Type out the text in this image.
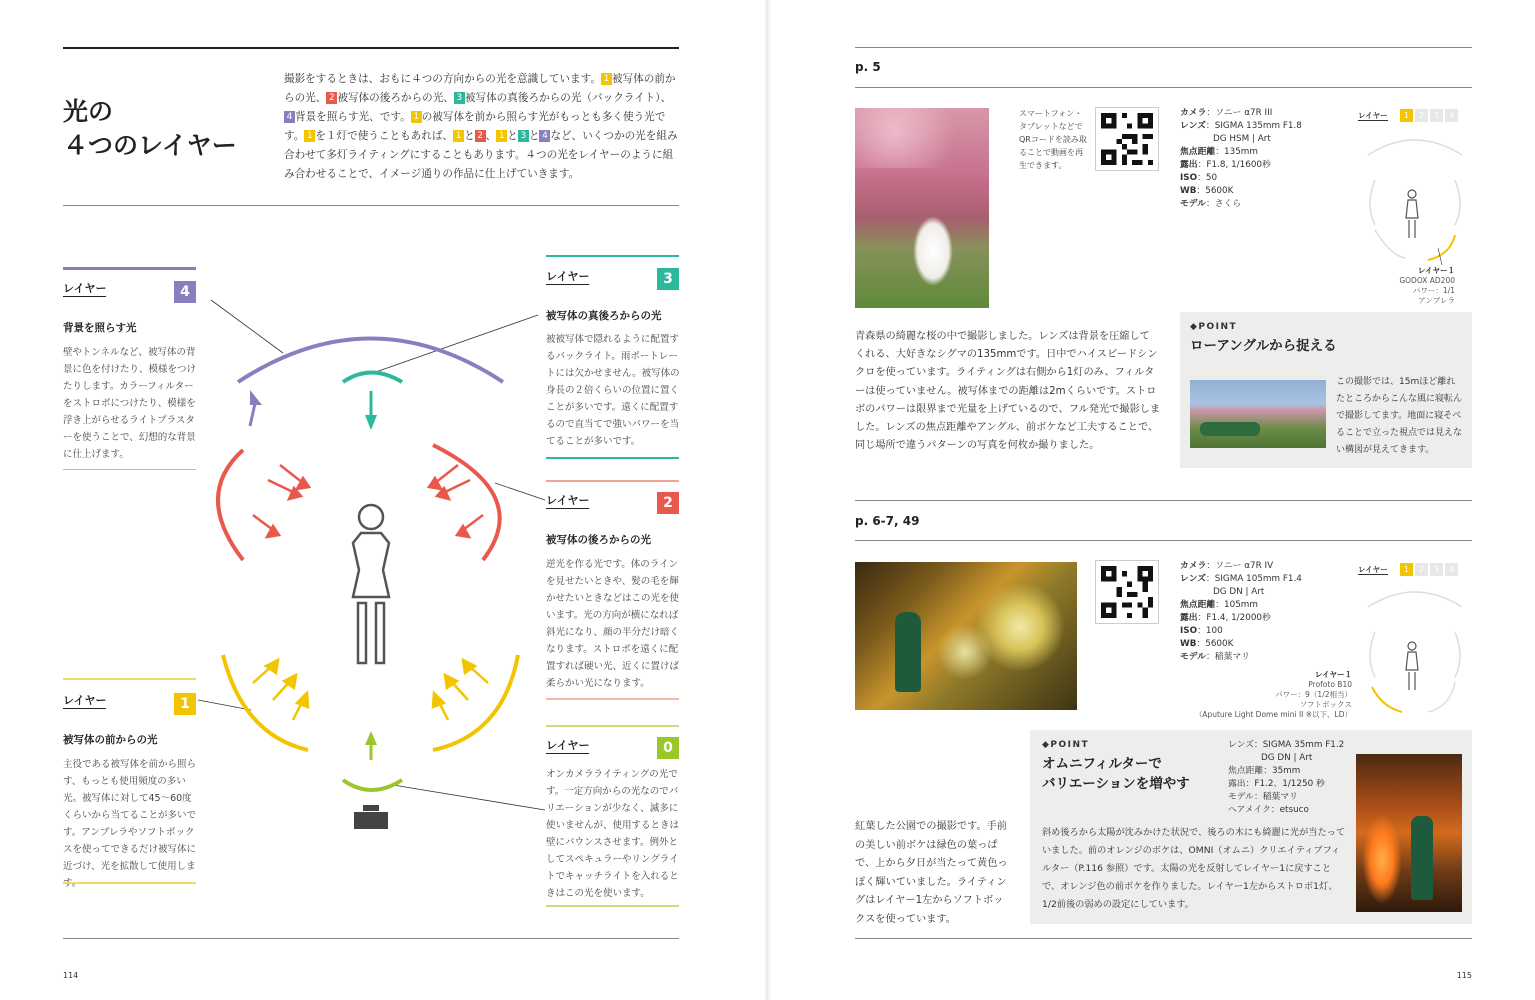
光の
４つのレイヤー
撮影をするときは、おもに４つの方向からの光を意識しています。 1 被写体の前からの光、 2 被写体の後ろからの光、 3 被写体の真後ろからの光（バックライト）、4 背景を照らす光、です。 1 の被写体を前から照らす光がもっとも多く使う光です。 1 を１灯で使うこともあれば、 1 と 2 、 1 と 3 と 4 など、いくつかの光を組み合わせて多灯ライティングにすることもあります。４つの光をレイヤーのように組み合わせることで、イメージ通りの作品に仕上げていきます。
レイヤー	4
背景を照らす光
壁やトンネルなど、被写体の背景に色を付けたり、模様をつけたりします。カラーフィルターをストロボにつけたり、模様を浮き上がらせるライトプラスターを使うことで、幻想的な背景に仕上げます。
レイヤー	3
被写体の真後ろからの光
被被写体で隠れるように配置するバックライト。雨ポートレートには欠かせません。被写体の身長の２倍くらいの位置に置くことが多いです。遠くに配置するので直当てで強いパワーを当てることが多いです。
レイヤー	2
被写体の後ろからの光
逆光を作る光です。体のラインを見せたいときや、髪の毛を輝かせたいときなどはこの光を使います。光の方向が横になれば斜光になり、顔の半分だけ暗くなります。ストロボを遠くに配置すれば硬い光、近くに置けば柔らかい光になります。
レイヤー	1
被写体の前からの光
主役である被写体を前から照らす、もっとも使用頻度の多い光。被写体に対して45〜60度くらいから当てることが多いです。アンブレラやソフトボックスを使ってできるだけ被写体に近づけ、光を拡散して使用します。
レイヤー	0
オンカメラライティングの光です。一定方向からの光なのでバリエーションが少なく、滅多に使いませんが、使用するときは壁にバウンスさせます。例外としてスペキュラーやリングライトでキャッチライトを入れるときはこの光を使います。
114
p. 5
スマートフォン・タブレットなどでQRコードを読み取ることで動画を再生できます。
カメラ：ソニー α7R III
レンズ：SIGMA 135mm F1.8
DG HSM | Art
焦点距離：135mm
露出：F1.8, 1/1600秒
ISO：50
WB：5600K
モデル：さくら
レイヤー 1 2 3 4
レイヤー１
GODOX AD200
パワー：1/1
アンブレラ
青森県の綺麗な桜の中で撮影しました。レンズは背景を圧縮してくれる、大好きなシグマの135mmです。日中でハイスピードシンクロを使っています。ライティングは右側から1灯のみ、フィルターは使っていません。被写体までの距離は2mくらいです。ストロボのパワーは限界まで光量を上げているので、フル発光で撮影しました。レンズの焦点距離やアングル、前ボケなど工夫することで、同じ場所で違うパターンの写真を何枚か撮りました。
◆POINT
ローアングルから捉える
この撮影では、15mほど離れたところからこんな風に寝転んで撮影してます。地面に寝そべることで立った視点では見えない構図が見えてきます。
p. 6-7, 49
カメラ：ソニー α7R IV
レンズ：SIGMA 105mm F1.4
DG DN | Art
焦点距離：105mm
露出：F1.4, 1/2000秒
ISO：100
WB：5600K
モデル：稲葉マリ
レイヤー 1 2 3 4
レイヤー１
Profoto B10
パワー：9（1/2相当）
ソフトボックス
（Aputure Light Dome mini II ※以下、LD）
紅葉した公園での撮影です。手前の美しい前ボケは緑色の葉っぱで、上から夕日が当たって黄色っぽく輝いていました。ライティングはレイヤー1左からソフトボックスを使っています。
◆POINT
オムニフィルターで
バリエーションを増やす
レンズ：SIGMA 35mm F1.2
DG DN | Art
焦点距離：35mm
露出：F1.2、1/1250 秒
モデル：稲葉マリ
ヘアメイク：etsuco
斜め後ろから太陽が沈みかけた状況で、後ろの木にも綺麗に光が当たっていました。前のオレンジのボケは、OMNI（オムニ）クリエイティブフィルター（P.116 参照）です。太陽の光を反射してレイヤー1に戻すことで、オレンジ色の前ボケを作りました。レイヤー1左からストロボ1灯、1/2前後の弱めの設定にしています。
115
